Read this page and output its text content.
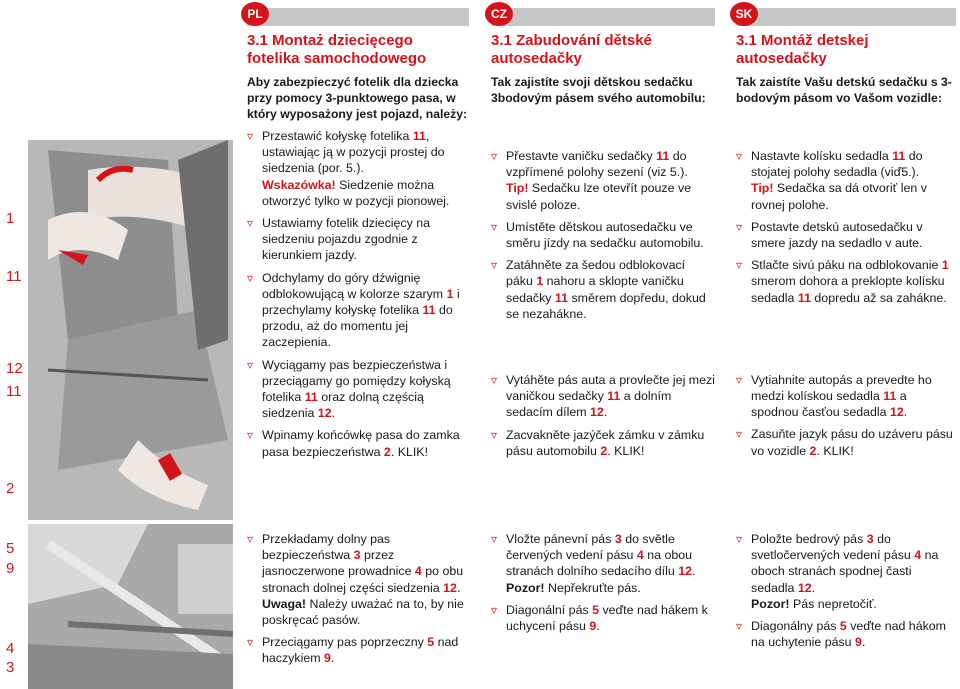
1
11
12
11
2
5
9
4
3
PL
3.1 Montaż dziecięcego fotelika samochodowego
Aby zabezpieczyć fotelik dla dziecka przy pomocy 3-punktowego pasa, w który wyposażony jest pojazd, należy:
▿ Przestawić kołyskę fotelika 11, ustawiając ją w pozycji prostej do siedzenia (por. 5.).
Wskazówka! Siedzenie można otworzyć tylko w pozycji pionowej.
▿ Ustawiamy fotelik dziecięcy na siedzeniu pojazdu zgodnie z kierunkiem jazdy.
▿ Odchylamy do góry dźwignię odblokowującą w kolorze szarym 1 i przechylamy kołyskę fotelika 11 do przodu, aż do momentu jej zaczepienia.
▿ Wyciągamy pas bezpieczeństwa i przeciągamy go pomiędzy kołyską fotelika 11 oraz dolną częścią siedzenia 12.
▿ Wpinamy końcówkę pasa do zamka pasa bezpieczeństwa 2. KLIK!
▿ Przekładamy dolny pas bezpieczeństwa 3 przez jasnoczerwone prowadnice 4 po obu stronach dolnej części siedzenia 12.
Uwaga! Należy uważać na to, by nie poskręcać pasów.
▿ Przeciągamy pas poprzeczny 5 nad haczykiem 9.
CZ
3.1 Zabudování dětské autosedačky
Tak zajistíte svoji dětskou sedačku 3bodovým pásem svého automobilu:
▿ Přestavte vaničku sedačky 11 do vzpřímené polohy sezení (viz 5.).
Tip! Sedačku lze otevřít pouze ve svislé poloze.
▿ Umístěte dětskou autosedačku ve směru jízdy na sedačku automobilu.
▿ Zatáhněte za šedou odblokovací páku 1 nahoru a sklopte vaničku sedačky 11 směrem dopředu, dokud se nezahákne.
▿ Vytáhěte pás auta a provlečte jej mezi vaničkou sedačky 11 a dolním sedacím dílem 12.
▿ Zacvakněte jazýček zámku v zámku pásu automobilu 2. KLIK!
▿ Vložte pánevní pás 3 do světle červených vedení pásu 4 na obou stranách dolního sedacího dílu 12.
Pozor! Nepřekruťte pás.
▿ Diagonální pás 5 veďte nad hákem k uchycení pásu 9.
SK
3.1 Montáž detskej autosedačky
Tak zaistíte Vašu detskú sedačku s 3-bodovým pásom vo Vašom vozidle:
▿ Nastavte kolísku sedadla 11 do stojatej polohy sedadla (viď5.).
Tip! Sedačka sa dá otvoriť len v rovnej polohe.
▿ Postavte detskú autosedačku v smere jazdy na sedadlo v aute.
▿ Stlačte sivú páku na odblokovanie 1 smerom dohora a preklopte kolísku sedadla 11 dopredu až sa zahákne.
▿ Vytiahnite autopás a prevedte ho medzi kolískou sedadla 11 a spodnou časťou sedadla 12.
▿ Zasuňte jazyk pásu do uzáveru pásu vo vozidle 2. KLIK!
▿ Položte bedrový pás 3 do svetločervených vedení pásu 4 na oboch stranách spodnej časti sedadla 12.
Pozor! Pás nepretočiť.
▿ Diagonálny pás 5 veďte nad hákom na uchytenie pásu 9.
